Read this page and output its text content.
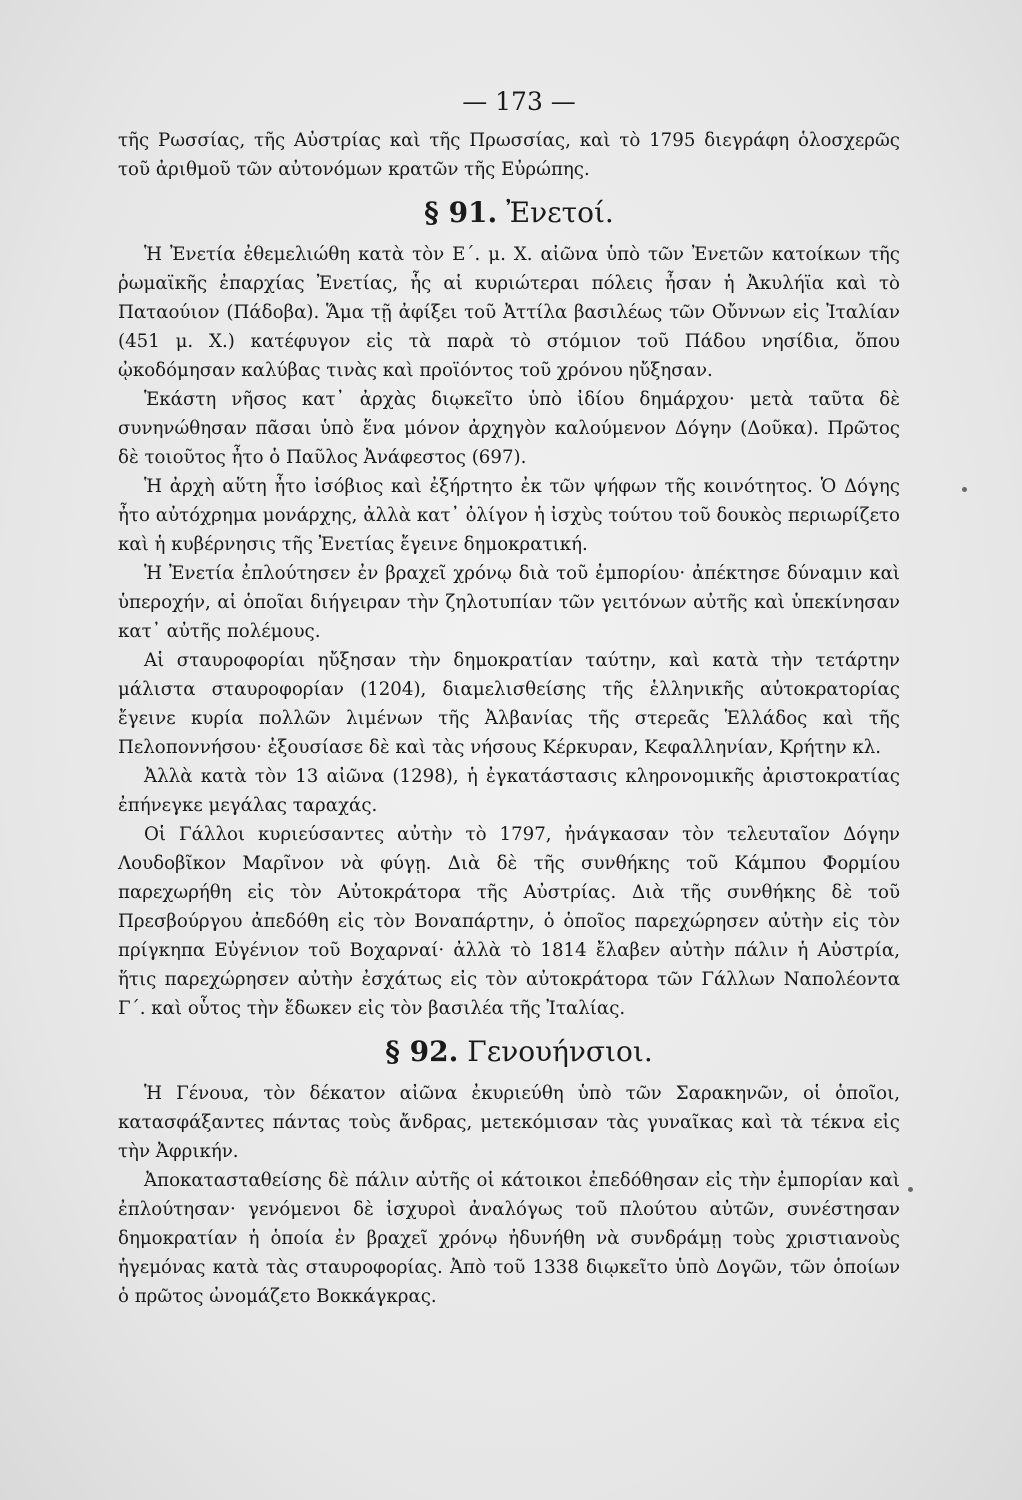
— 173 —

τῆς Ρωσσίας, τῆς Αὐστρίας καὶ τῆς Πρωσσίας, καὶ τὸ 1795 διεγράφη ὁλοσχερῶς τοῦ ἀριθμοῦ τῶν αὐτονόμων κρατῶν τῆς Εὐρώπης.

§ 91. Ἐνετοί.

Ἡ Ἐνετία ἐθεμελιώθη κατὰ τὸν Ε΄. μ. Χ. αἰῶνα ὑπὸ τῶν Ἐνετῶν κατοίκων τῆς ῥωμαϊκῆς ἐπαρχίας Ἐνετίας, ἧς αἱ κυριώτεραι πόλεις ἦσαν ἡ Ἀκυλήϊα καὶ τὸ Παταούιον (Πάδοβα). Ἅμα τῇ ἀφίξει τοῦ Ἀττίλα βασιλέως τῶν Οὔννων εἰς Ἰταλίαν (451 μ. Χ.) κατέφυγον εἰς τὰ παρὰ τὸ στόμιον τοῦ Πάδου νησίδια, ὅπου ᾠκοδόμησαν καλύβας τινὰς καὶ προϊόντος τοῦ χρόνου ηὔξησαν.

Ἑκάστη νῆσος κατ᾽ ἀρχὰς διῳκεῖτο ὑπὸ ἰδίου δημάρχου· μετὰ ταῦτα δὲ συνηνώθησαν πᾶσαι ὑπὸ ἕνα μόνον ἀρχηγὸν καλούμενον Δόγην (Δοῦκα). Πρῶτος δὲ τοιοῦτος ἦτο ὁ Παῦλος Ἀνάφεστος (697).

Ἡ ἀρχὴ αὕτη ἦτο ἰσόβιος καὶ ἐξήρτητο ἐκ τῶν ψήφων τῆς κοινότητος. Ὁ Δόγης ἦτο αὐτόχρημα μονάρχης, ἀλλὰ κατ᾽ ὀλίγον ἡ ἰσχὺς τούτου τοῦ δουκὸς περιωρίζετο καὶ ἡ κυβέρνησις τῆς Ἐνετίας ἔγεινε δημοκρατική.

Ἡ Ἐνετία ἐπλούτησεν ἐν βραχεῖ χρόνῳ διὰ τοῦ ἐμπορίου· ἀπέκτησε δύναμιν καὶ ὑπεροχήν, αἱ ὁποῖαι διήγειραν τὴν ζηλοτυπίαν τῶν γειτόνων αὐτῆς καὶ ὑπεκίνησαν κατ᾽ αὐτῆς πολέμους.

Αἱ σταυροφορίαι ηὔξησαν τὴν δημοκρατίαν ταύτην, καὶ κατὰ τὴν τετάρτην μάλιστα σταυροφορίαν (1204), διαμελισθείσης τῆς ἑλληνικῆς αὐτοκρατορίας ἔγεινε κυρία πολλῶν λιμένων τῆς Ἀλβανίας τῆς στερεᾶς Ἑλλάδος καὶ τῆς Πελοποννήσου· ἐξουσίασε δὲ καὶ τὰς νήσους Κέρκυραν, Κεφαλληνίαν, Κρήτην κλ.

Ἀλλὰ κατὰ τὸν 13 αἰῶνα (1298), ἡ ἐγκατάστασις κληρονομικῆς ἀριστοκρατίας ἐπήνεγκε μεγάλας ταραχάς.

Οἱ Γάλλοι κυριεύσαντες αὐτὴν τὸ 1797, ἠνάγκασαν τὸν τελευταῖον Δόγην Λουδοβῖκον Μαρῖνον νὰ φύγῃ. Διὰ δὲ τῆς συνθήκης τοῦ Κάμπου Φορμίου παρεχωρήθη εἰς τὸν Αὐτοκράτορα τῆς Αὐστρίας. Διὰ τῆς συνθήκης δὲ τοῦ Πρεσβούργου ἀπεδόθη εἰς τὸν Βοναπάρτην, ὁ ὁποῖος παρεχώρησεν αὐτὴν εἰς τὸν πρίγκηπα Εὐγένιον τοῦ Βοχαρναί· ἀλλὰ τὸ 1814 ἔλαβεν αὐτὴν πάλιν ἡ Αὐστρία, ἥτις παρεχώρησεν αὐτὴν ἐσχάτως εἰς τὸν αὐτοκράτορα τῶν Γάλλων Ναπολέοντα Γ΄. καὶ οὗτος τὴν ἔδωκεν εἰς τὸν βασιλέα τῆς Ἰταλίας.

§ 92. Γενουήνσιοι.

Ἡ Γένουα, τὸν δέκατον αἰῶνα ἐκυριεύθη ὑπὸ τῶν Σαρακηνῶν, οἱ ὁποῖοι, κατασφάξαντες πάντας τοὺς ἄνδρας, μετεκόμισαν τὰς γυναῖκας καὶ τὰ τέκνα εἰς τὴν Ἀφρικήν.

Ἀποκατασταθείσης δὲ πάλιν αὐτῆς οἱ κάτοικοι ἐπεδόθησαν εἰς τὴν ἐμπορίαν καὶ ἐπλούτησαν· γενόμενοι δὲ ἰσχυροὶ ἀναλόγως τοῦ πλούτου αὐτῶν, συνέστησαν δημοκρατίαν ἡ ὁποία ἐν βραχεῖ χρόνῳ ἠδυνήθη νὰ συνδράμῃ τοὺς χριστιανοὺς ἡγεμόνας κατὰ τὰς σταυροφορίας. Ἀπὸ τοῦ 1338 διῳκεῖτο ὑπὸ Δογῶν, τῶν ὁποίων ὁ πρῶτος ὠνομάζετο Βοκκάγκρας.
